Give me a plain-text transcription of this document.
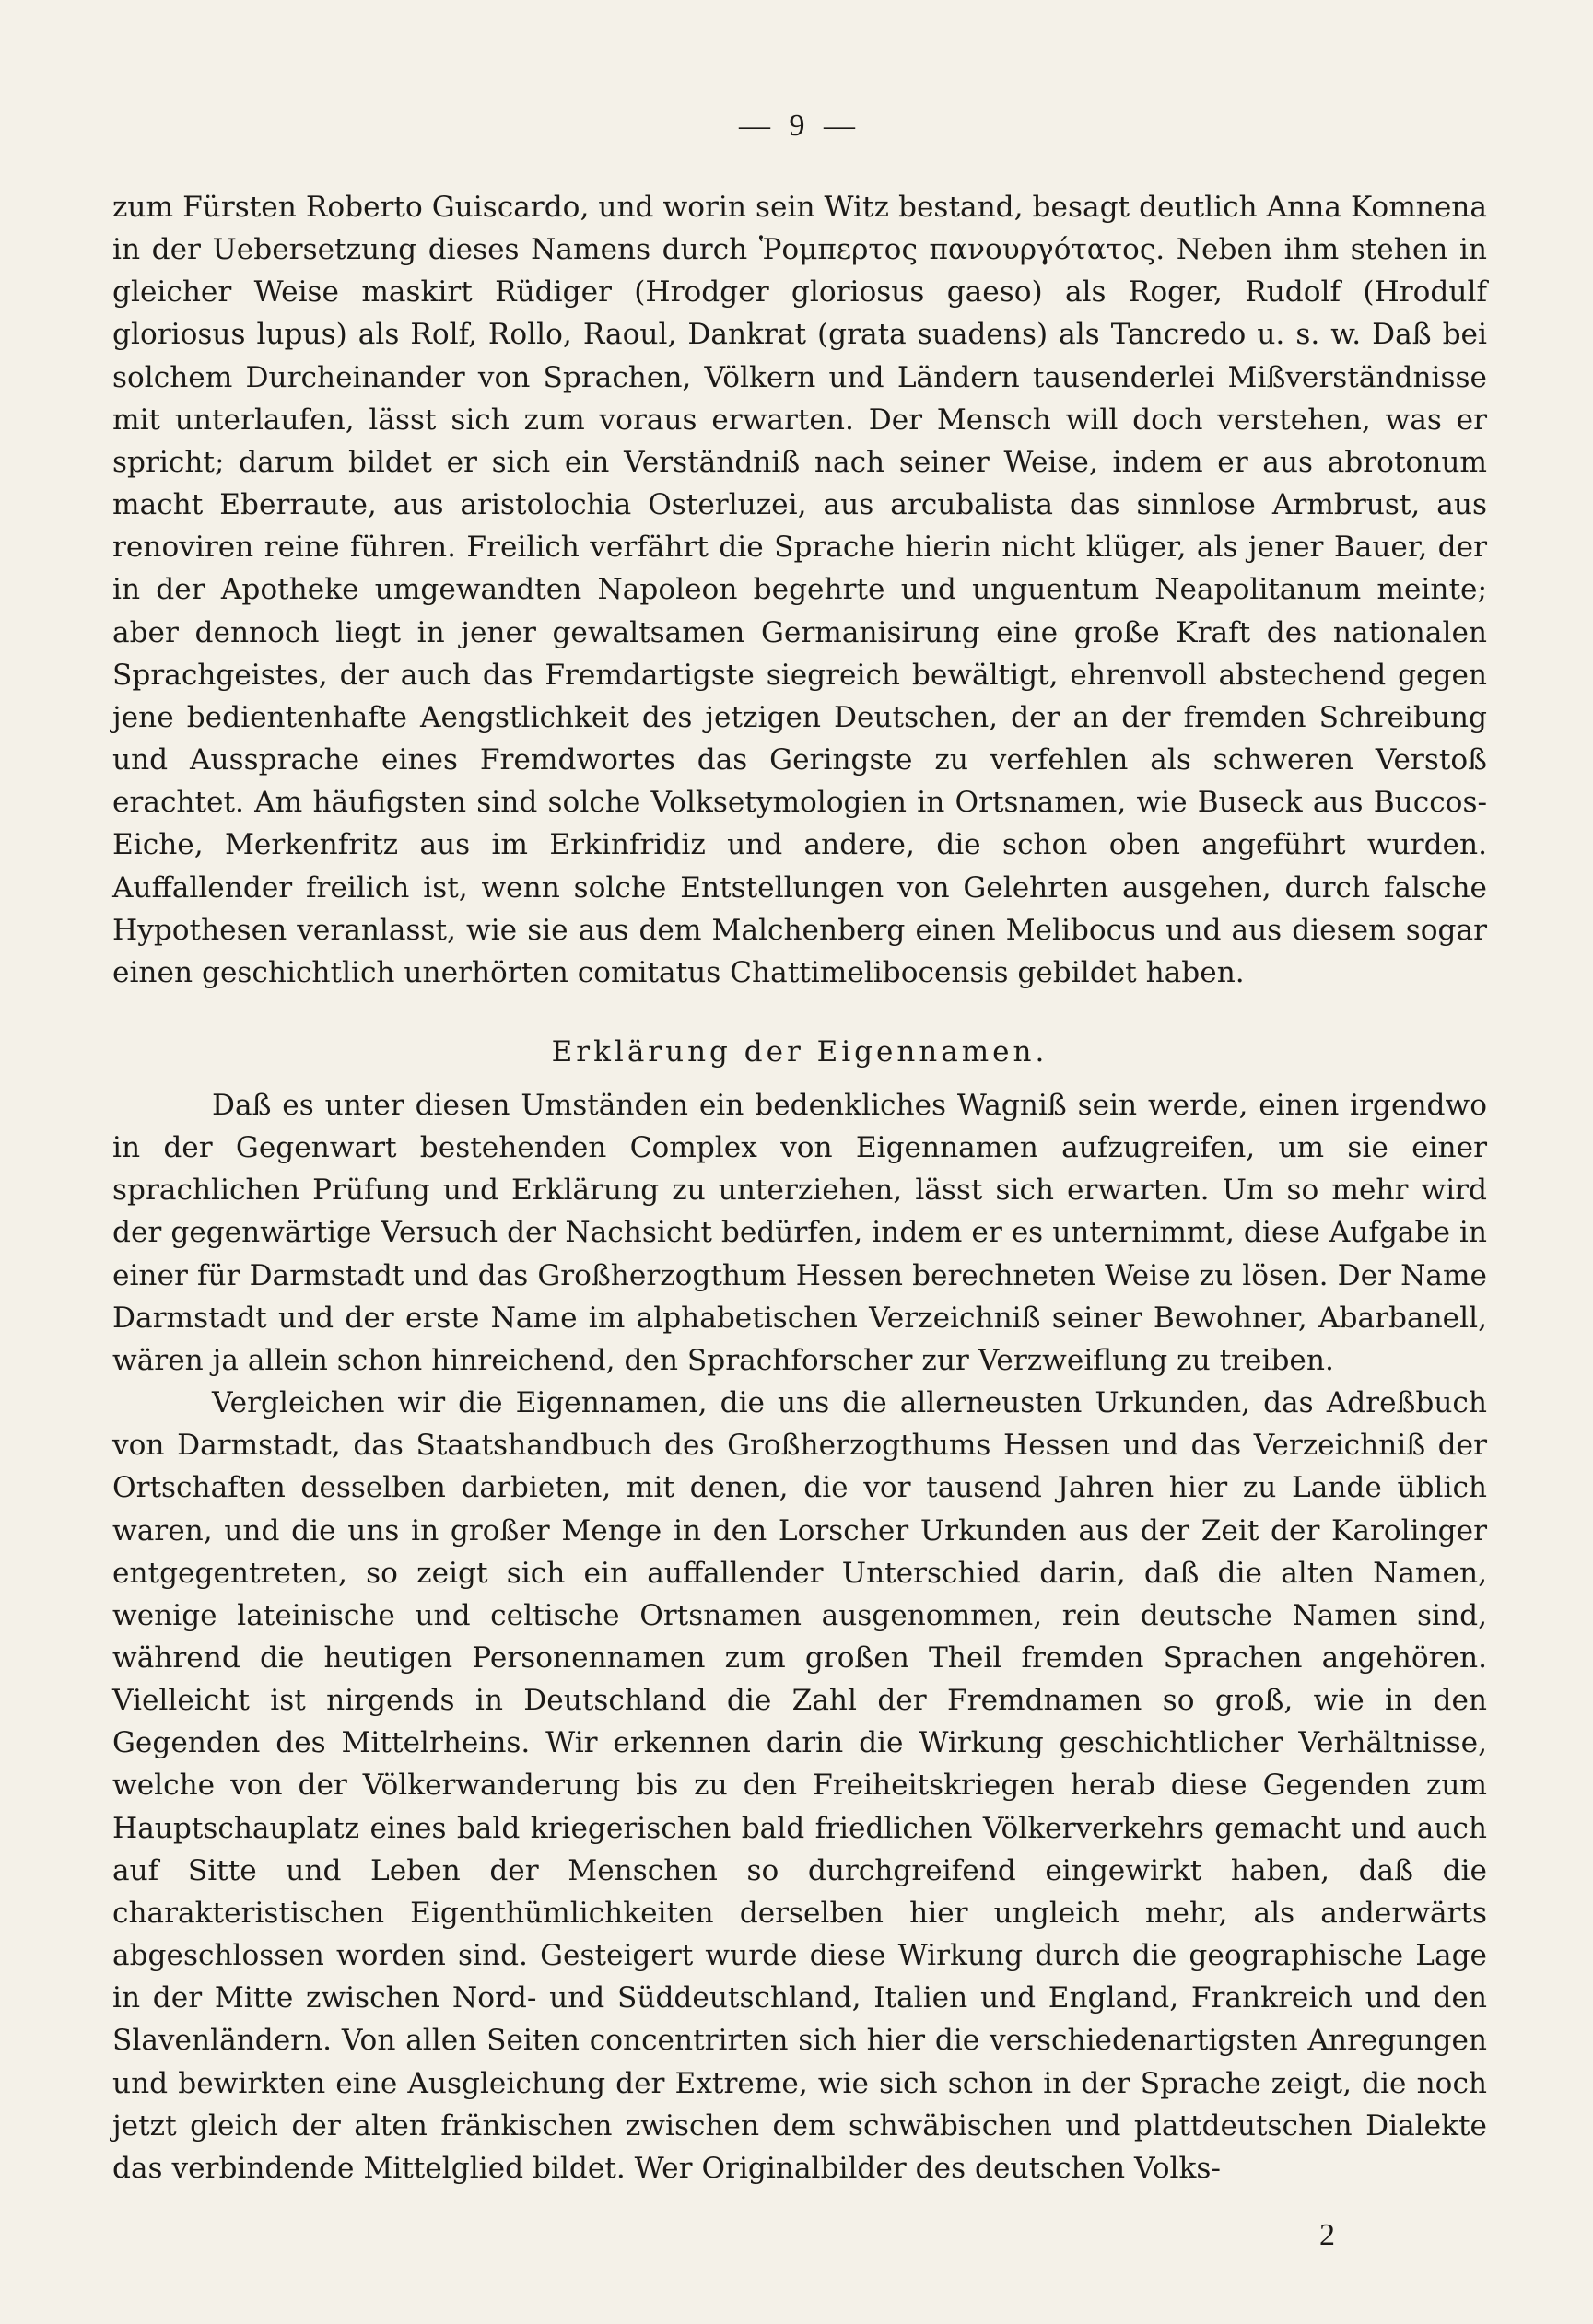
— 9 —

zum Fürsten Roberto Guiscardo, und worin sein Witz bestand, besagt deutlich Anna Komnena in der Uebersetzung dieses Namens durch Ῥομπερτος πανουργότατος. Neben ihm stehen in gleicher Weise maskirt Rüdiger (Hrodger gloriosus gaeso) als Roger, Rudolf (Hrodulf gloriosus lupus) als Rolf, Rollo, Raoul, Dankrat (grata suadens) als Tancredo u. s. w. Daß bei solchem Durcheinander von Sprachen, Völkern und Ländern tausenderlei Mißverständnisse mit unterlaufen, lässt sich zum voraus erwarten. Der Mensch will doch verstehen, was er spricht; darum bildet er sich ein Verständniß nach seiner Weise, indem er aus abrotonum macht Eberraute, aus aristolochia Osterluzei, aus arcubalista das sinnlose Armbrust, aus renoviren reine führen. Freilich verfährt die Sprache hierin nicht klüger, als jener Bauer, der in der Apotheke umgewandten Napoleon begehrte und unguentum Neapolitanum meinte; aber dennoch liegt in jener gewaltsamen Germanisirung eine große Kraft des nationalen Sprachgeistes, der auch das Fremdartigste siegreich bewältigt, ehrenvoll abstechend gegen jene bedientenhafte Aengstlichkeit des jetzigen Deutschen, der an der fremden Schreibung und Aussprache eines Fremdwortes das Geringste zu verfehlen als schweren Verstoß erachtet. Am häufigsten sind solche Volksetymologien in Ortsnamen, wie Buseck aus Buccos-Eiche, Merkenfritz aus im Erkinfridiz und andere, die schon oben angeführt wurden. Auffallender freilich ist, wenn solche Entstellungen von Gelehrten ausgehen, durch falsche Hypothesen veranlasst, wie sie aus dem Malchenberg einen Melibocus und aus diesem sogar einen geschichtlich unerhörten comitatus Chattimelibocensis gebildet haben.

Erklärung der Eigennamen.

Daß es unter diesen Umständen ein bedenkliches Wagniß sein werde, einen irgendwo in der Gegenwart bestehenden Complex von Eigennamen aufzugreifen, um sie einer sprachlichen Prüfung und Erklärung zu unterziehen, lässt sich erwarten. Um so mehr wird der gegenwärtige Versuch der Nachsicht bedürfen, indem er es unternimmt, diese Aufgabe in einer für Darmstadt und das Großherzogthum Hessen berechneten Weise zu lösen. Der Name Darmstadt und der erste Name im alphabetischen Verzeichniß seiner Bewohner, Abarbanell, wären ja allein schon hinreichend, den Sprachforscher zur Verzweiflung zu treiben.

Vergleichen wir die Eigennamen, die uns die allerneusten Urkunden, das Adreßbuch von Darmstadt, das Staatshandbuch des Großherzogthums Hessen und das Verzeichniß der Ortschaften desselben darbieten, mit denen, die vor tausend Jahren hier zu Lande üblich waren, und die uns in großer Menge in den Lorscher Urkunden aus der Zeit der Karolinger entgegentreten, so zeigt sich ein auffallender Unterschied darin, daß die alten Namen, wenige lateinische und celtische Ortsnamen ausgenommen, rein deutsche Namen sind, während die heutigen Personennamen zum großen Theil fremden Sprachen angehören. Vielleicht ist nirgends in Deutschland die Zahl der Fremdnamen so groß, wie in den Gegenden des Mittelrheins. Wir erkennen darin die Wirkung geschichtlicher Verhältnisse, welche von der Völkerwanderung bis zu den Freiheitskriegen herab diese Gegenden zum Hauptschauplatz eines bald kriegerischen bald friedlichen Völkerverkehrs gemacht und auch auf Sitte und Leben der Menschen so durchgreifend eingewirkt haben, daß die charakteristischen Eigenthümlichkeiten derselben hier ungleich mehr, als anderwärts abgeschlossen worden sind. Gesteigert wurde diese Wirkung durch die geographische Lage in der Mitte zwischen Nord- und Süddeutschland, Italien und England, Frankreich und den Slavenländern. Von allen Seiten concentrirten sich hier die verschiedenartigsten Anregungen und bewirkten eine Ausgleichung der Extreme, wie sich schon in der Sprache zeigt, die noch jetzt gleich der alten fränkischen zwischen dem schwäbischen und plattdeutschen Dialekte das verbindende Mittelglied bildet. Wer Originalbilder des deutschen Volks-

2
